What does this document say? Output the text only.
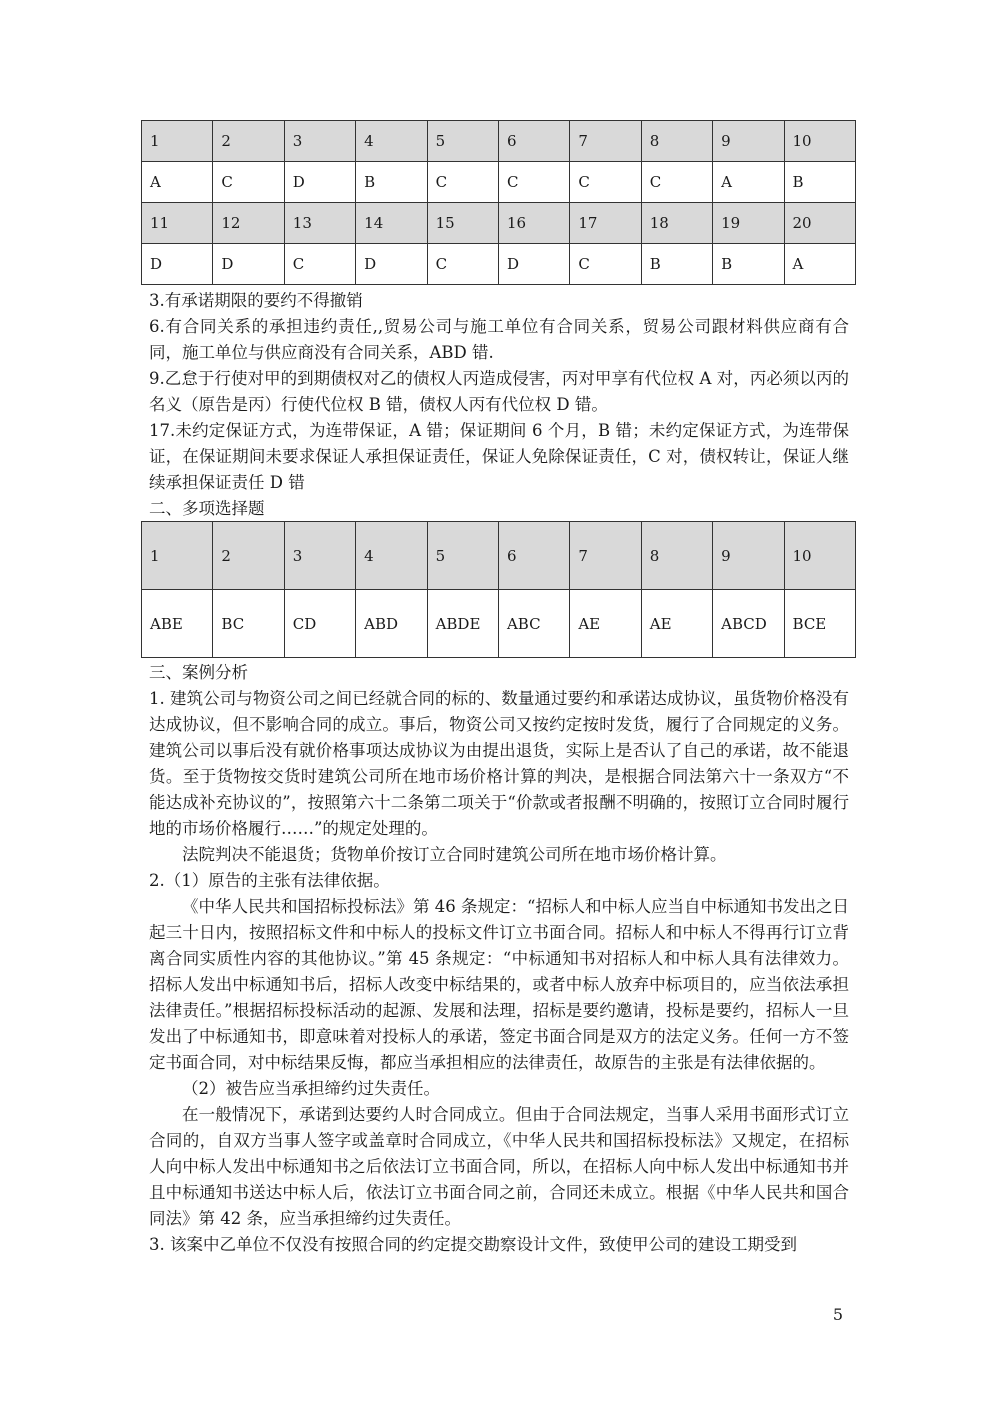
1	2	3	4	5	6	7	8	9	10
A	C	D	B	C	C	C	C	A	B
11	12	13	14	15	16	17	18	19	20
D	D	C	D	C	D	C	B	B	A

3.有承诺期限的要约不得撤销

6.有合同关系的承担违约责任,,贸易公司与施工单位有合同关系，贸易公司跟材料供应商有合同，施工单位与供应商没有合同关系，ABD 错.

9.乙怠于行使对甲的到期债权对乙的债权人丙造成侵害，丙对甲享有代位权 A 对，丙必须以丙的名义（原告是丙）行使代位权 B 错，债权人丙有代位权 D 错。

17.未约定保证方式，为连带保证，A 错；保证期间 6 个月，B 错；未约定保证方式，为连带保证，在保证期间未要求保证人承担保证责任，保证人免除保证责任，C 对，债权转让，保证人继续承担保证责任 D 错

二、多项选择题

1	2	3	4	5	6	7	8	9	10
ABE	BC	CD	ABD	ABDE	ABC	AE	AE	ABCD	BCE

三、案例分析

1. 建筑公司与物资公司之间已经就合同的标的、数量通过要约和承诺达成协议，虽货物价格没有达成协议，但不影响合同的成立。事后，物资公司又按约定按时发货，履行了合同规定的义务。建筑公司以事后没有就价格事项达成协议为由提出退货，实际上是否认了自己的承诺，故不能退货。至于货物按交货时建筑公司所在地市场价格计算的判决，是根据合同法第六十一条双方“不能达成补充协议的”，按照第六十二条第二项关于“价款或者报酬不明确的，按照订立合同时履行地的市场价格履行……”的规定处理的。

法院判决不能退货；货物单价按订立合同时建筑公司所在地市场价格计算。

2.（1）原告的主张有法律依据。

《中华人民共和国招标投标法》第 46 条规定：“招标人和中标人应当自中标通知书发出之日起三十日内，按照招标文件和中标人的投标文件订立书面合同。招标人和中标人不得再行订立背离合同实质性内容的其他协议。”第 45 条规定：“中标通知书对招标人和中标人具有法律效力。招标人发出中标通知书后，招标人改变中标结果的，或者中标人放弃中标项目的，应当依法承担法律责任。”根据招标投标活动的起源、发展和法理，招标是要约邀请，投标是要约，招标人一旦发出了中标通知书，即意味着对投标人的承诺，签定书面合同是双方的法定义务。任何一方不签定书面合同，对中标结果反悔，都应当承担相应的法律责任，故原告的主张是有法律依据的。

（2）被告应当承担缔约过失责任。

在一般情况下，承诺到达要约人时合同成立。但由于合同法规定，当事人采用书面形式订立合同的，自双方当事人签字或盖章时合同成立，《中华人民共和国招标投标法》又规定，在招标人向中标人发出中标通知书之后依法订立书面合同，所以，在招标人向中标人发出中标通知书并且中标通知书送达中标人后，依法订立书面合同之前，合同还未成立。根据《中华人民共和国合同法》第 42 条，应当承担缔约过失责任。

3. 该案中乙单位不仅没有按照合同的约定提交勘察设计文件，致使甲公司的建设工期受到

5
